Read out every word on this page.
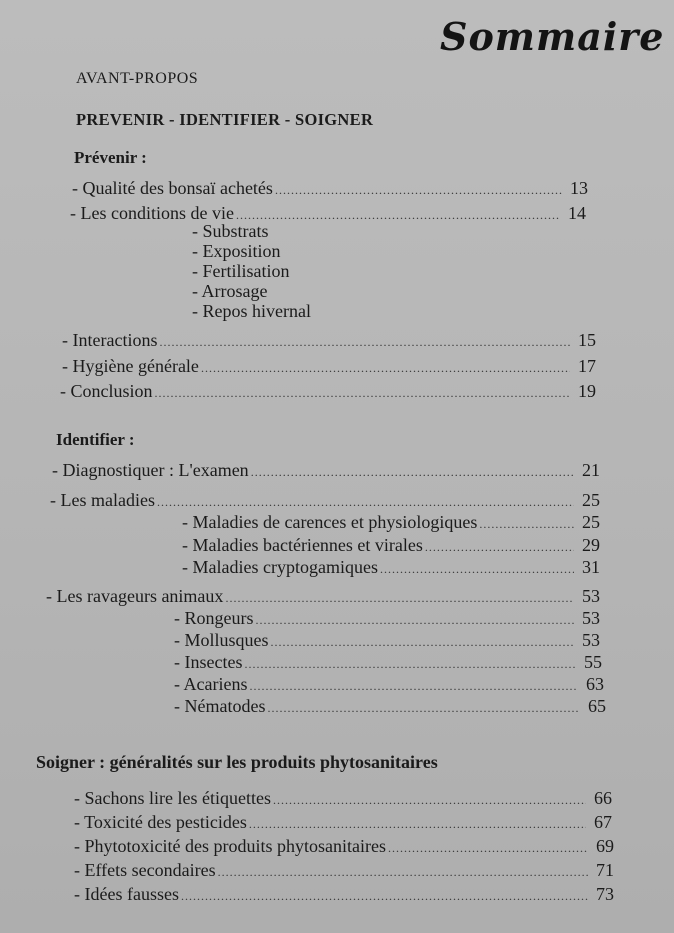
Sommaire
AVANT-PROPOS
PREVENIR - IDENTIFIER - SOIGNER
Prévenir :
- Qualité des bonsaï achetés .....	13
- Les conditions de vie .....	14
- Substrats
- Exposition
- Fertilisation
- Arrosage
- Repos hivernal
- Interactions .....	15
- Hygiène générale .....	17
- Conclusion .....	19
Identifier :
- Diagnostiquer : L'examen .....	21
- Les maladies .....	25
- Maladies de carences et physiologiques .....	25
- Maladies bactériennes et virales .....	29
- Maladies cryptogamiques .....	31
- Les ravageurs animaux .....	53
- Rongeurs .....	53
- Mollusques .....	53
- Insectes .....	55
- Acariens .....	63
- Nématodes .....	65
Soigner : généralités sur les produits phytosanitaires
- Sachons lire les étiquettes .....	66
- Toxicité des pesticides .....	67
- Phytotoxicité des produits phytosanitaires .....	69
- Effets secondaires .....	71
- Idées fausses .....	73
